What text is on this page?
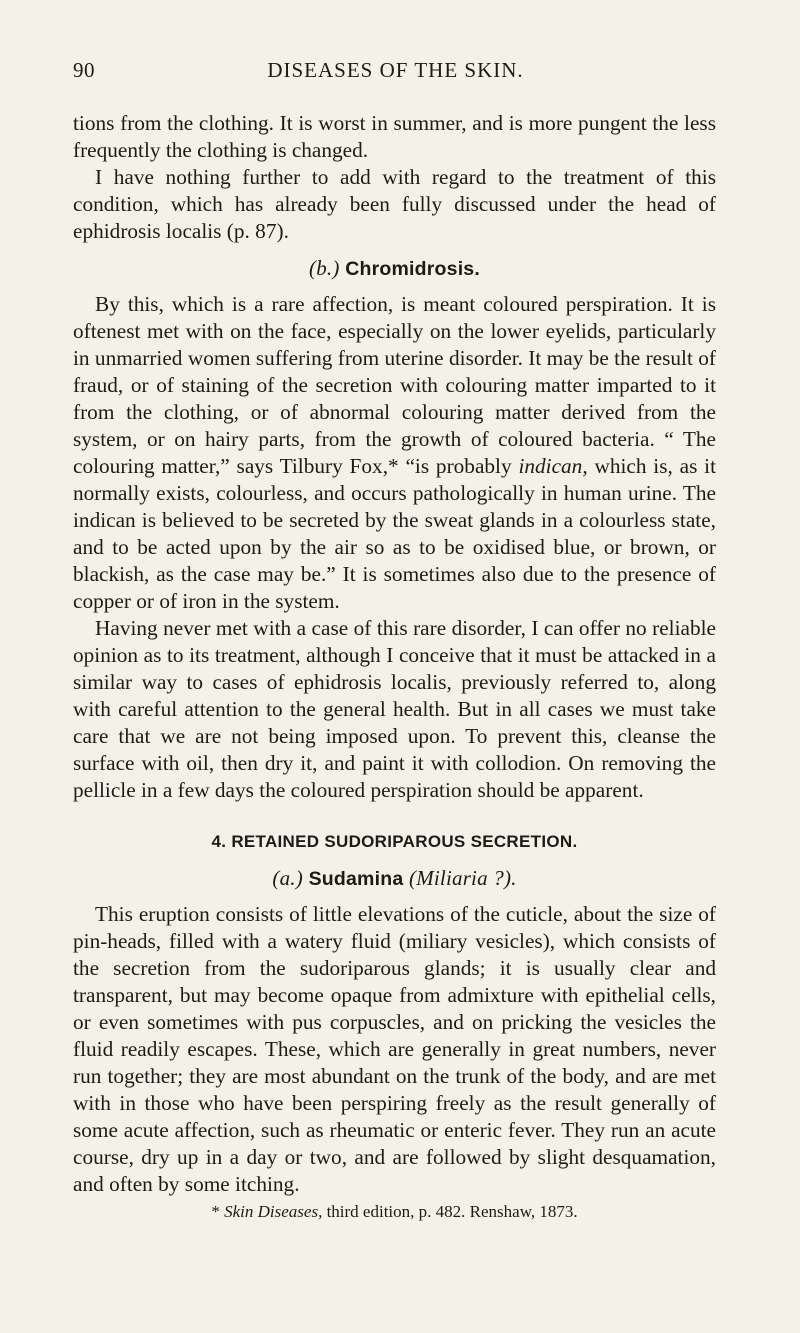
90	DISEASES OF THE SKIN.

tions from the clothing. It is worst in summer, and is more pungent the less frequently the clothing is changed.

I have nothing further to add with regard to the treatment of this condition, which has already been fully discussed under the head of ephidrosis localis (p. 87).

(b.) Chromidrosis.

By this, which is a rare affection, is meant coloured perspiration. It is oftenest met with on the face, especially on the lower eyelids, particularly in unmarried women suffering from uterine disorder. It may be the result of fraud, or of staining of the secretion with colouring matter imparted to it from the clothing, or of abnormal colouring matter derived from the system, or on hairy parts, from the growth of coloured bacteria. “ The colouring matter,” says Tilbury Fox,* “is probably indican, which is, as it normally exists, colourless, and occurs pathologically in human urine. The indican is believed to be secreted by the sweat glands in a colourless state, and to be acted upon by the air so as to be oxidised blue, or brown, or blackish, as the case may be.” It is sometimes also due to the presence of copper or of iron in the system.

Having never met with a case of this rare disorder, I can offer no reliable opinion as to its treatment, although I conceive that it must be attacked in a similar way to cases of ephidrosis localis, previously referred to, along with careful attention to the general health. But in all cases we must take care that we are not being imposed upon. To prevent this, cleanse the surface with oil, then dry it, and paint it with collodion. On removing the pellicle in a few days the coloured perspiration should be apparent.

4. RETAINED SUDORIPAROUS SECRETION.
(a.) Sudamina (Miliaria ?).

This eruption consists of little elevations of the cuticle, about the size of pin-heads, filled with a watery fluid (miliary vesicles), which consists of the secretion from the sudoriparous glands; it is usually clear and transparent, but may become opaque from admixture with epithelial cells, or even sometimes with pus corpuscles, and on pricking the vesicles the fluid readily escapes. These, which are generally in great numbers, never run together; they are most abundant on the trunk of the body, and are met with in those who have been perspiring freely as the result generally of some acute affection, such as rheumatic or enteric fever. They run an acute course, dry up in a day or two, and are followed by slight desquamation, and often by some itching.

* Skin Diseases, third edition, p. 482. Renshaw, 1873.
